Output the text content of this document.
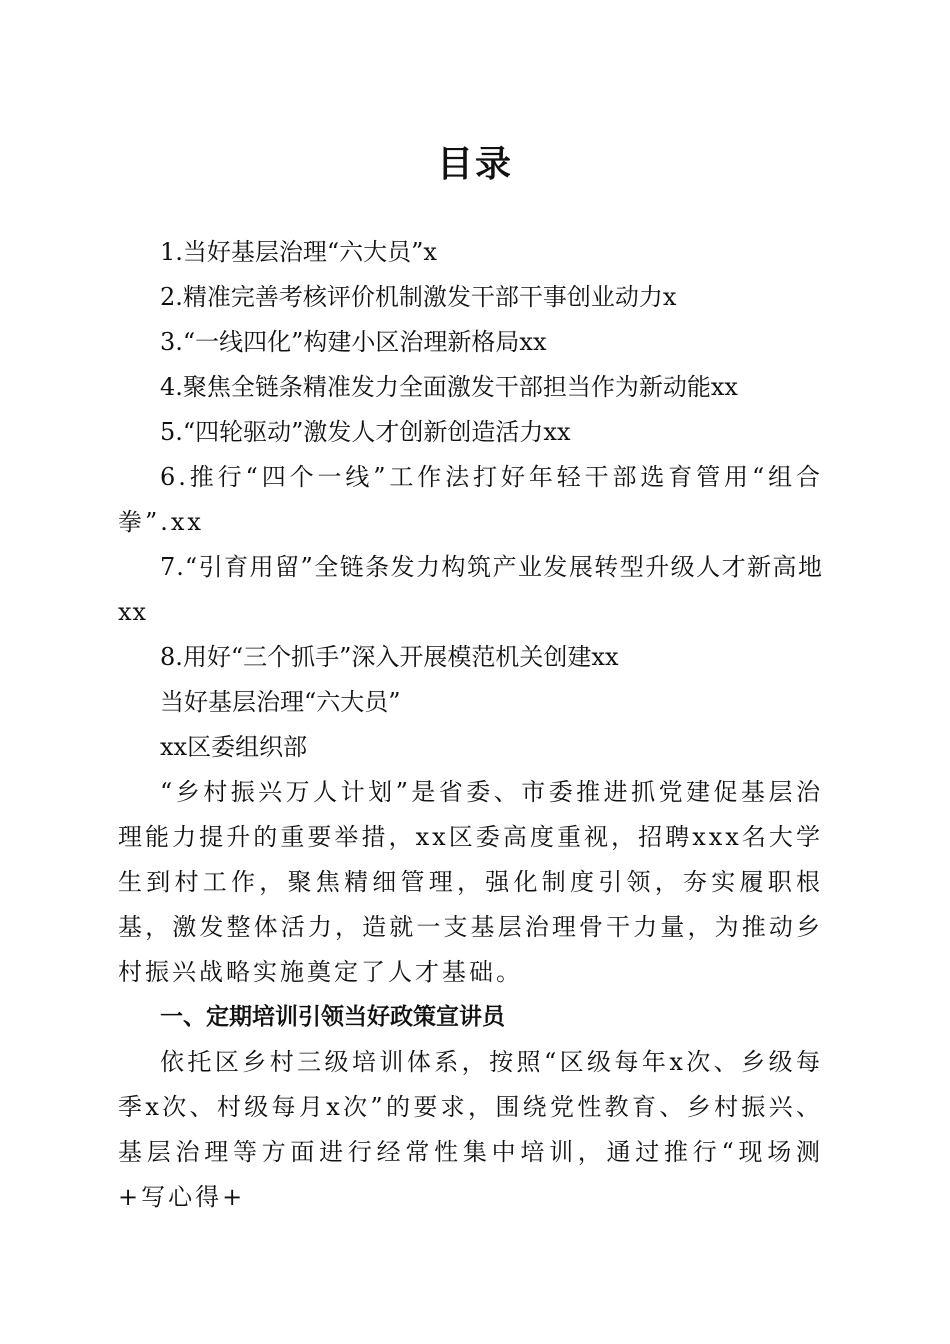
目录

1.当好基层治理“六大员”x

2.精准完善考核评价机制激发干部干事创业动力x

3.“一线四化”构建小区治理新格局xx

4.聚焦全链条精准发力全面激发干部担当作为新动能xx

5.“四轮驱动”激发人才创新创造活力xx

6.推行“四个一线”工作法打好年轻干部选育管用“组合拳”.xx

7.“引育用留”全链条发力构筑产业发展转型升级人才新高地xx

8.用好“三个抓手”深入开展模范机关创建xx

当好基层治理“六大员”

xx区委组织部

“乡村振兴万人计划”是省委、市委推进抓党建促基层治理能力提升的重要举措，xx区委高度重视，招聘xxx名大学生到村工作，聚焦精细管理，强化制度引领，夯实履职根基，激发整体活力，造就一支基层治理骨干力量，为推动乡村振兴战略实施奠定了人才基础。

一、定期培训引领当好政策宣讲员

依托区乡村三级培训体系，按照“区级每年x次、乡级每季x次、村级每月x次”的要求，围绕党性教育、乡村振兴、基层治理等方面进行经常性集中培训，通过推行“现场测+写心得+
